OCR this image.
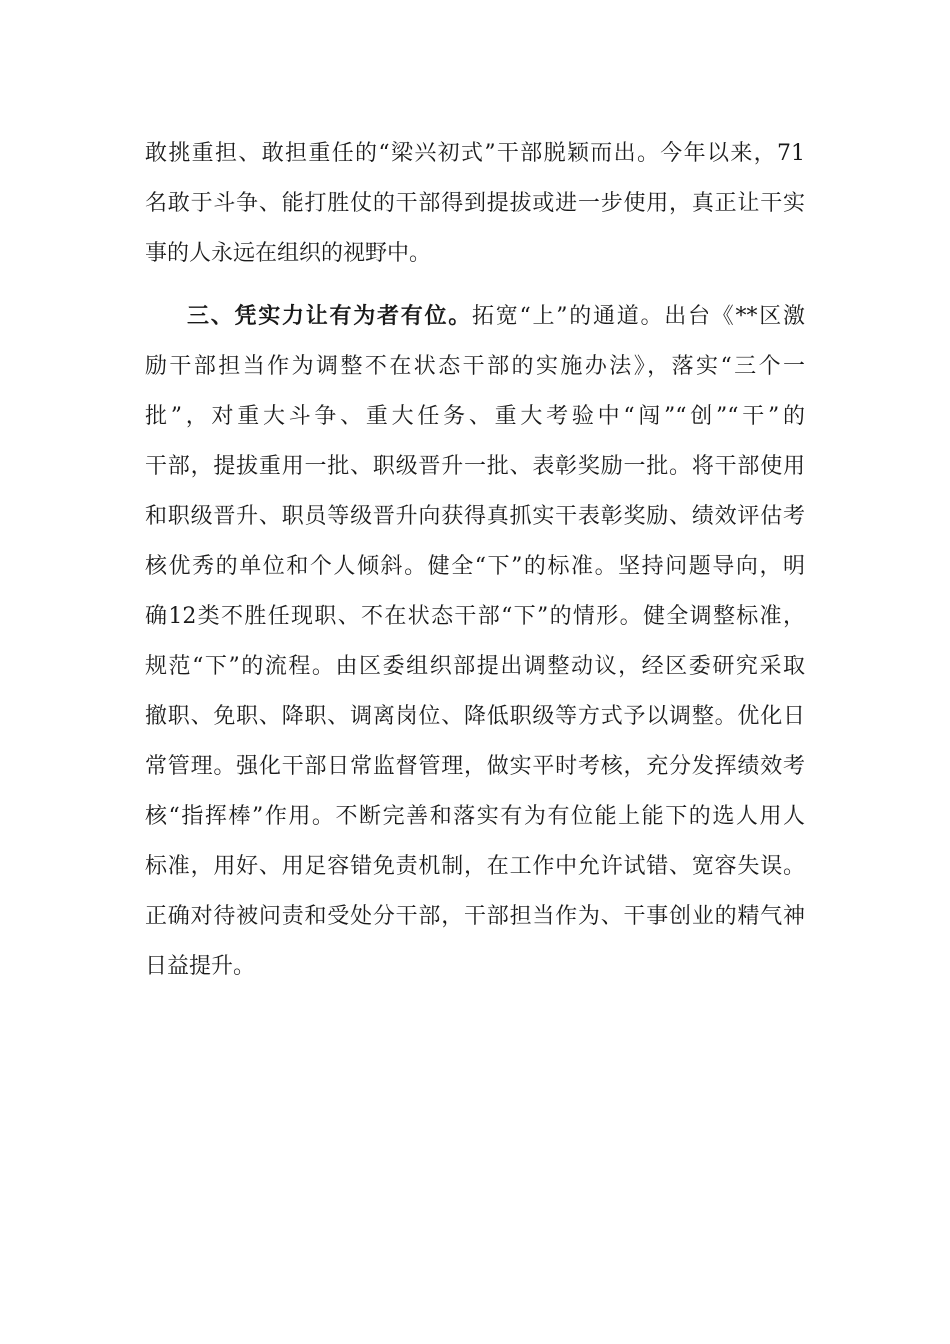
敢挑重担、敢担重任的“梁兴初式”干部脱颖而出。今年以来，71
名敢于斗争、能打胜仗的干部得到提拔或进一步使用，真正让干实
事的人永远在组织的视野中。
三、凭实力让有为者有位。拓宽“上”的通道。出台《**区激
励干部担当作为调整不在状态干部的实施办法》，落实“三个一
批”，对重大斗争、重大任务、重大考验中“闯”“创”“干”的
干部，提拔重用一批、职级晋升一批、表彰奖励一批。将干部使用
和职级晋升、职员等级晋升向获得真抓实干表彰奖励、绩效评估考
核优秀的单位和个人倾斜。健全“下”的标准。坚持问题导向，明
确12类不胜任现职、不在状态干部“下”的情形。健全调整标准，
规范“下”的流程。由区委组织部提出调整动议，经区委研究采取
撤职、免职、降职、调离岗位、降低职级等方式予以调整。优化日
常管理。强化干部日常监督管理，做实平时考核，充分发挥绩效考
核“指挥棒”作用。不断完善和落实有为有位能上能下的选人用人
标准，用好、用足容错免责机制，在工作中允许试错、宽容失误。
正确对待被问责和受处分干部，干部担当作为、干事创业的精气神
日益提升。
